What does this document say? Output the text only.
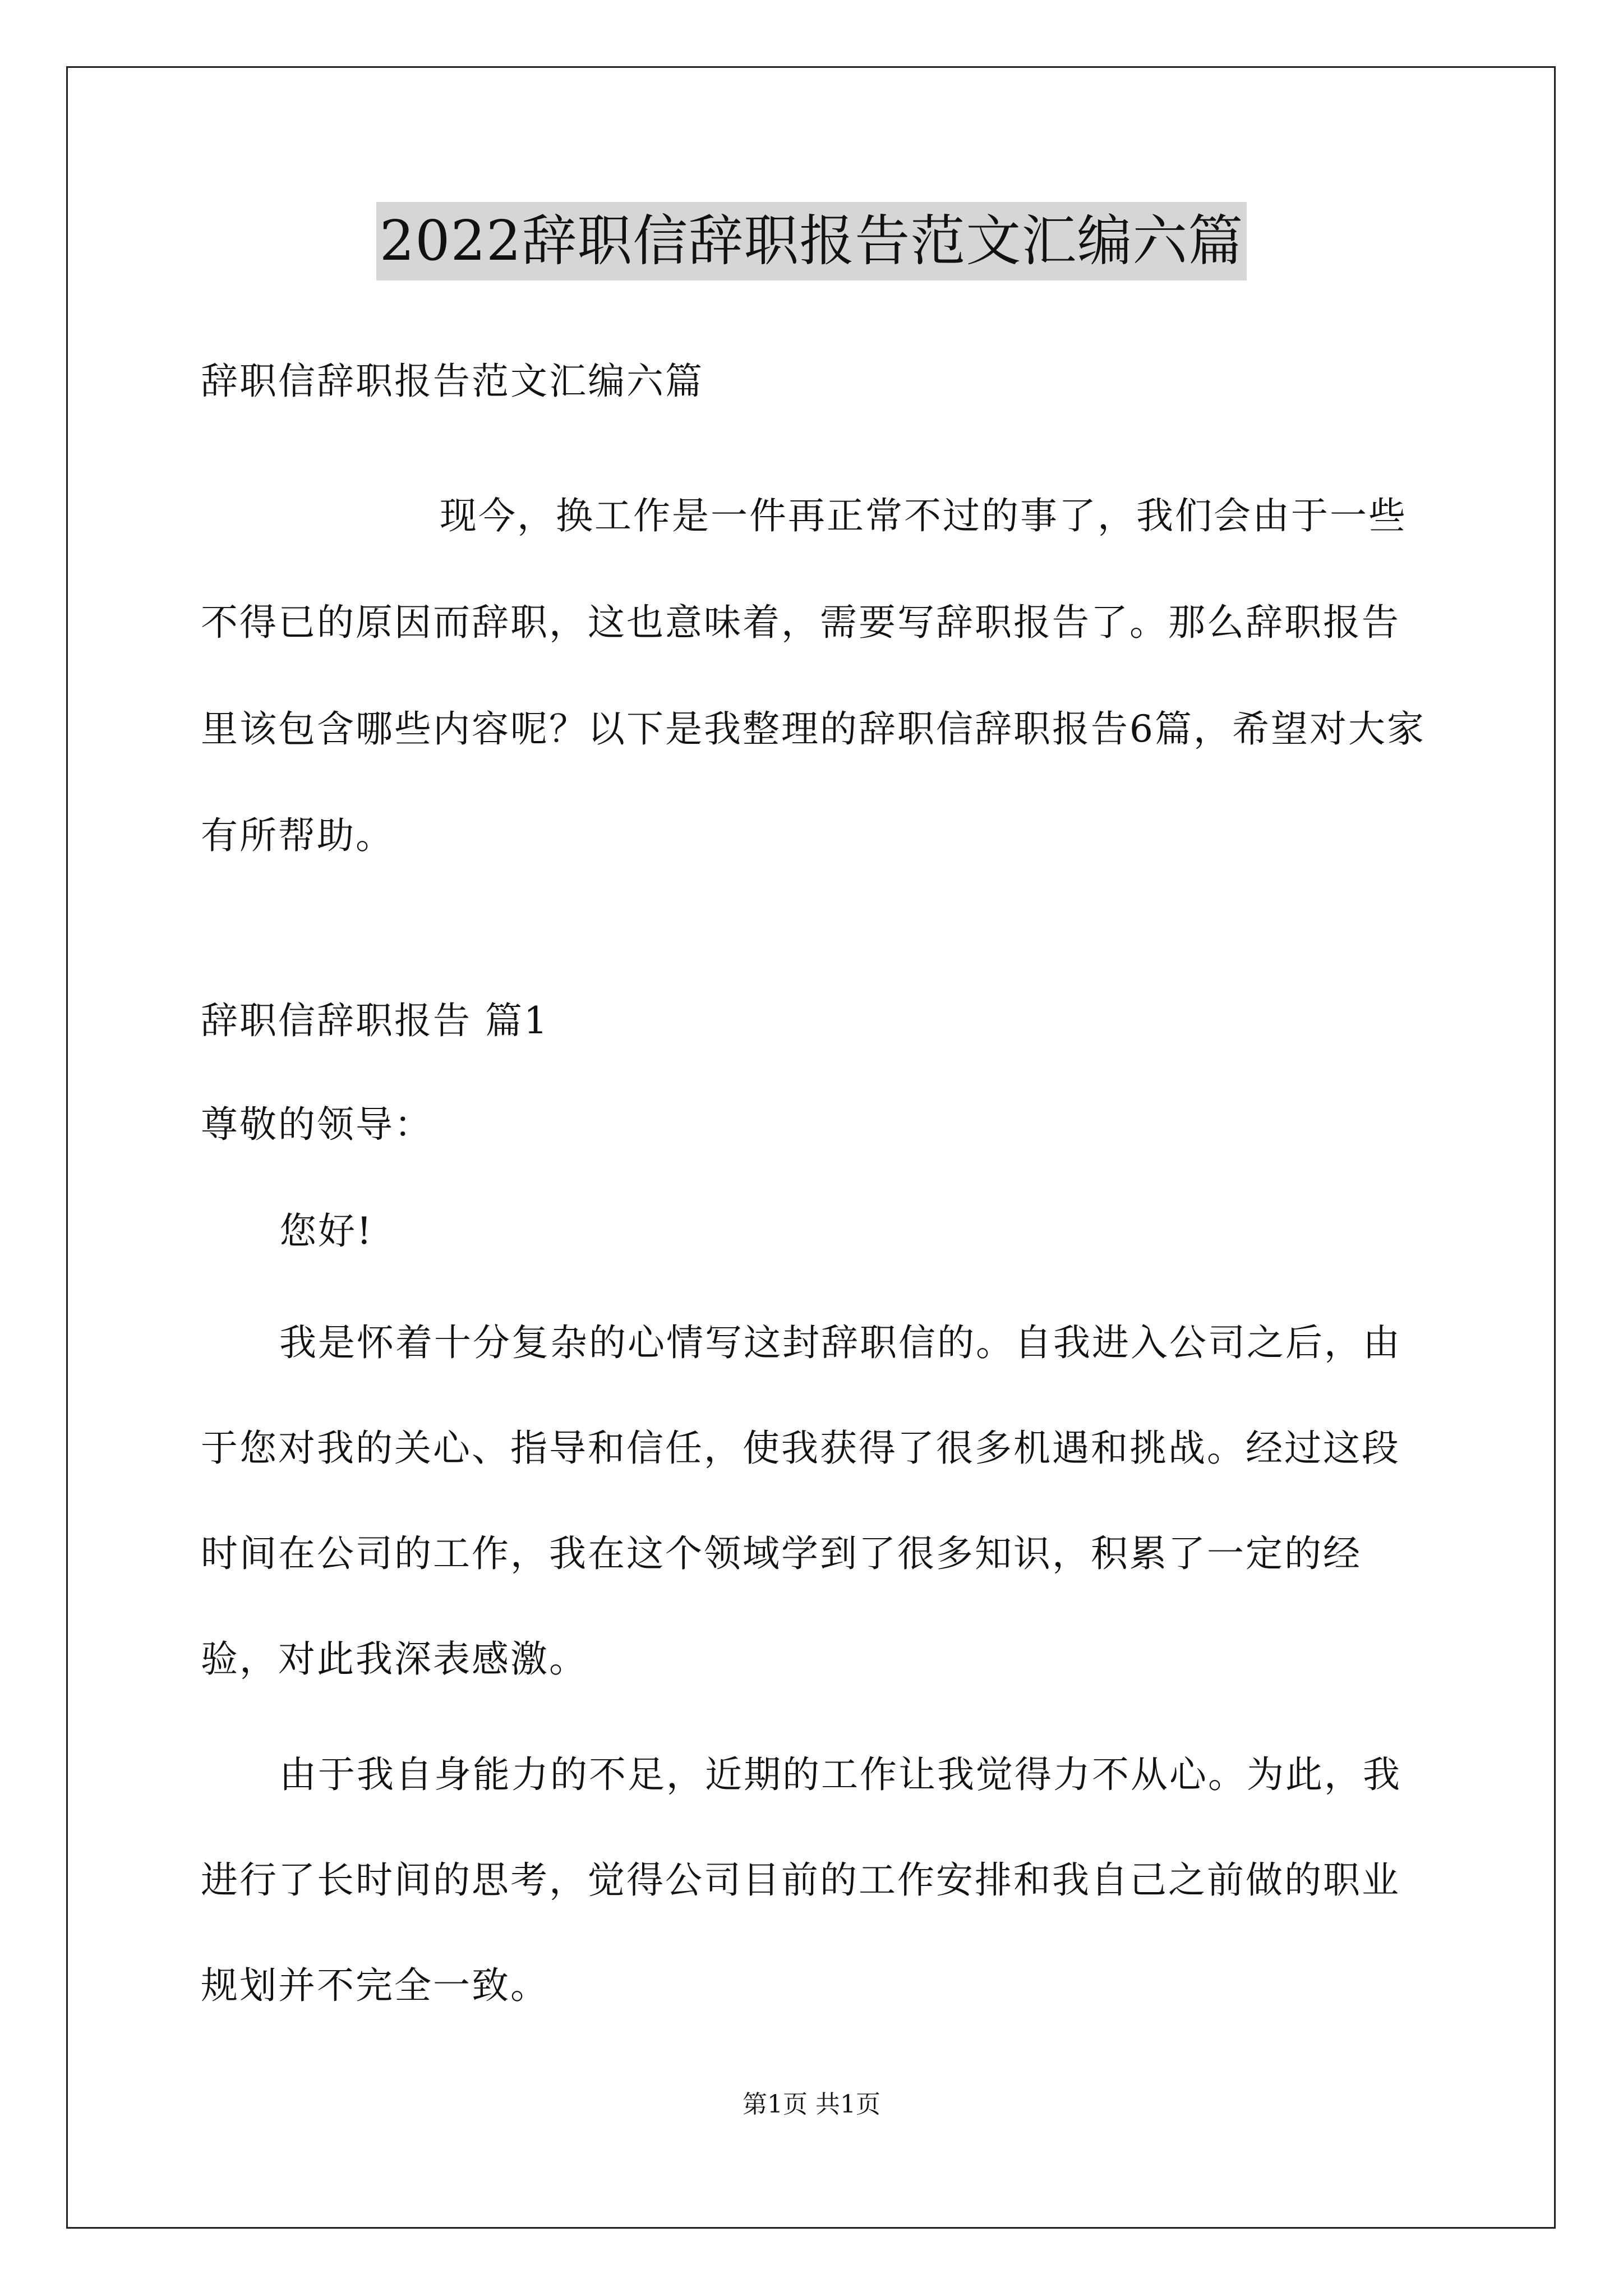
2022辞职信辞职报告范文汇编六篇

辞职信辞职报告范文汇编六篇

现今，换工作是一件再正常不过的事了，我们会由于一些不得已的原因而辞职，这也意味着，需要写辞职报告了。那么辞职报告里该包含哪些内容呢？以下是我整理的辞职信辞职报告6篇，希望对大家有所帮助。

辞职信辞职报告 篇1

尊敬的领导：

您好!

我是怀着十分复杂的心情写这封辞职信的。自我进入公司之后，由于您对我的关心、指导和信任，使我获得了很多机遇和挑战。经过这段时间在公司的工作，我在这个领域学到了很多知识，积累了一定的经验，对此我深表感激。

由于我自身能力的不足，近期的工作让我觉得力不从心。为此，我进行了长时间的思考，觉得公司目前的工作安排和我自己之前做的职业规划并不完全一致。

第1页 共1页
